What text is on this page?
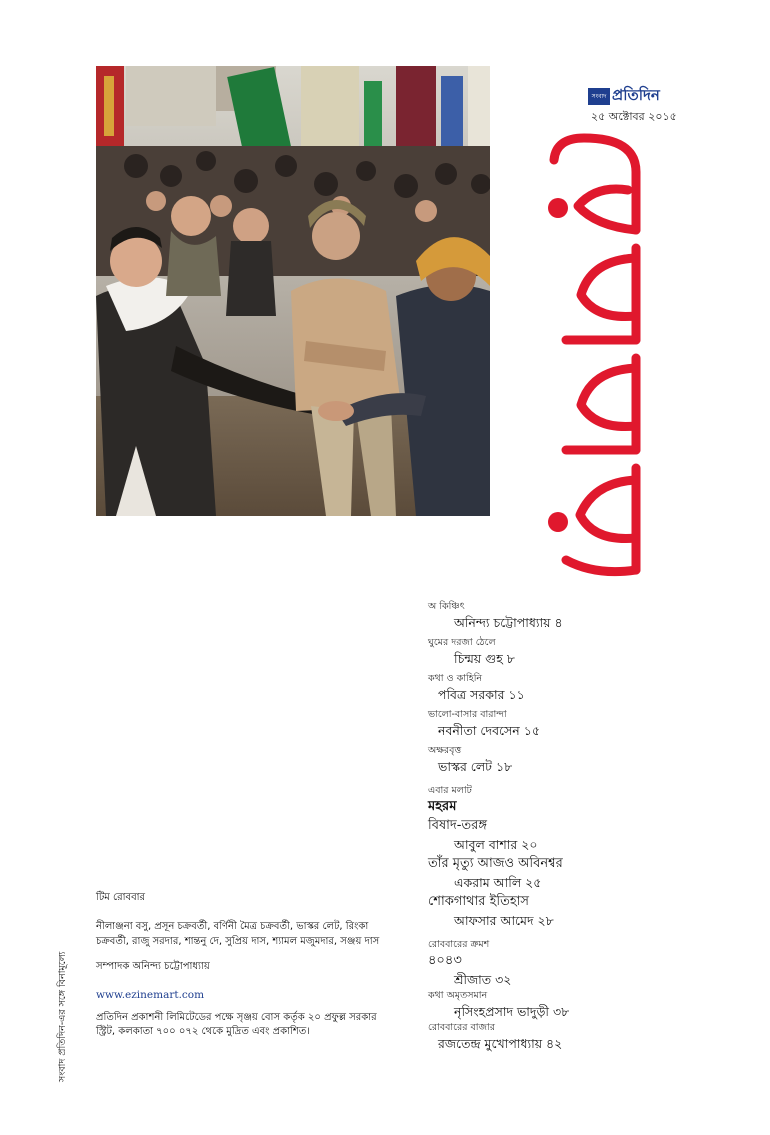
সংবাদ প্রতিদিন
২৫ অক্টোবর ২০১৫
অ কিঞ্চিৎ
অনিন্দ্য চট্টোপাধ্যায় ৪
ঘুমের দরজা ঠেলে
চিন্ময় গুহ ৮
কথা ও কাহিনি
পবিত্র সরকার ১১
ভালো-বাসার বারান্দা
নবনীতা দেবসেন ১৫
অক্ষরবৃত্ত
ভাস্কর লেট ১৮
এবার মলাট
মহরম
বিষাদ-তরঙ্গ
আবুল বাশার ২০
তাঁর মৃত্যু আজও অবিনশ্বর
একরাম আলি ২৫
শোকগাথার ইতিহাস
আফসার আমেদ ২৮
রোববারের ক্রমশ
৪০৪৩
শ্রীজাত ৩২
কথা অমৃতসমান
নৃসিংহপ্রসাদ ভাদুড়ী ৩৮
রোববারের বাজার
রজতেন্দ্র মুখোপাধ্যায় ৪২
টিম রোববার
নীলাঞ্জনা বসু, প্রসূন চক্রবর্তী, বর্ণিনী মৈত্র চক্রবর্তী, ভাস্কর লেট, রিংকা চক্রবর্তী, রাজু সরদার, শান্তনু দে, সুপ্রিয় দাস, শ্যামল মজুমদার, সঞ্জয় দাস
সম্পাদক অনিন্দ্য চট্টোপাধ্যায়
www.ezinemart.com
প্রতিদিন প্রকাশনী লিমিটেডের পক্ষে সৃঞ্জয় বোস কর্তৃক ২০ প্রফুল্ল সরকার স্ট্রিট, কলকাতা ৭০০ ০৭২ থেকে মুদ্রিত এবং প্রকাশিত।
সংবাদ প্রতিদিন-এর সঙ্গে বিনামূল্যে
